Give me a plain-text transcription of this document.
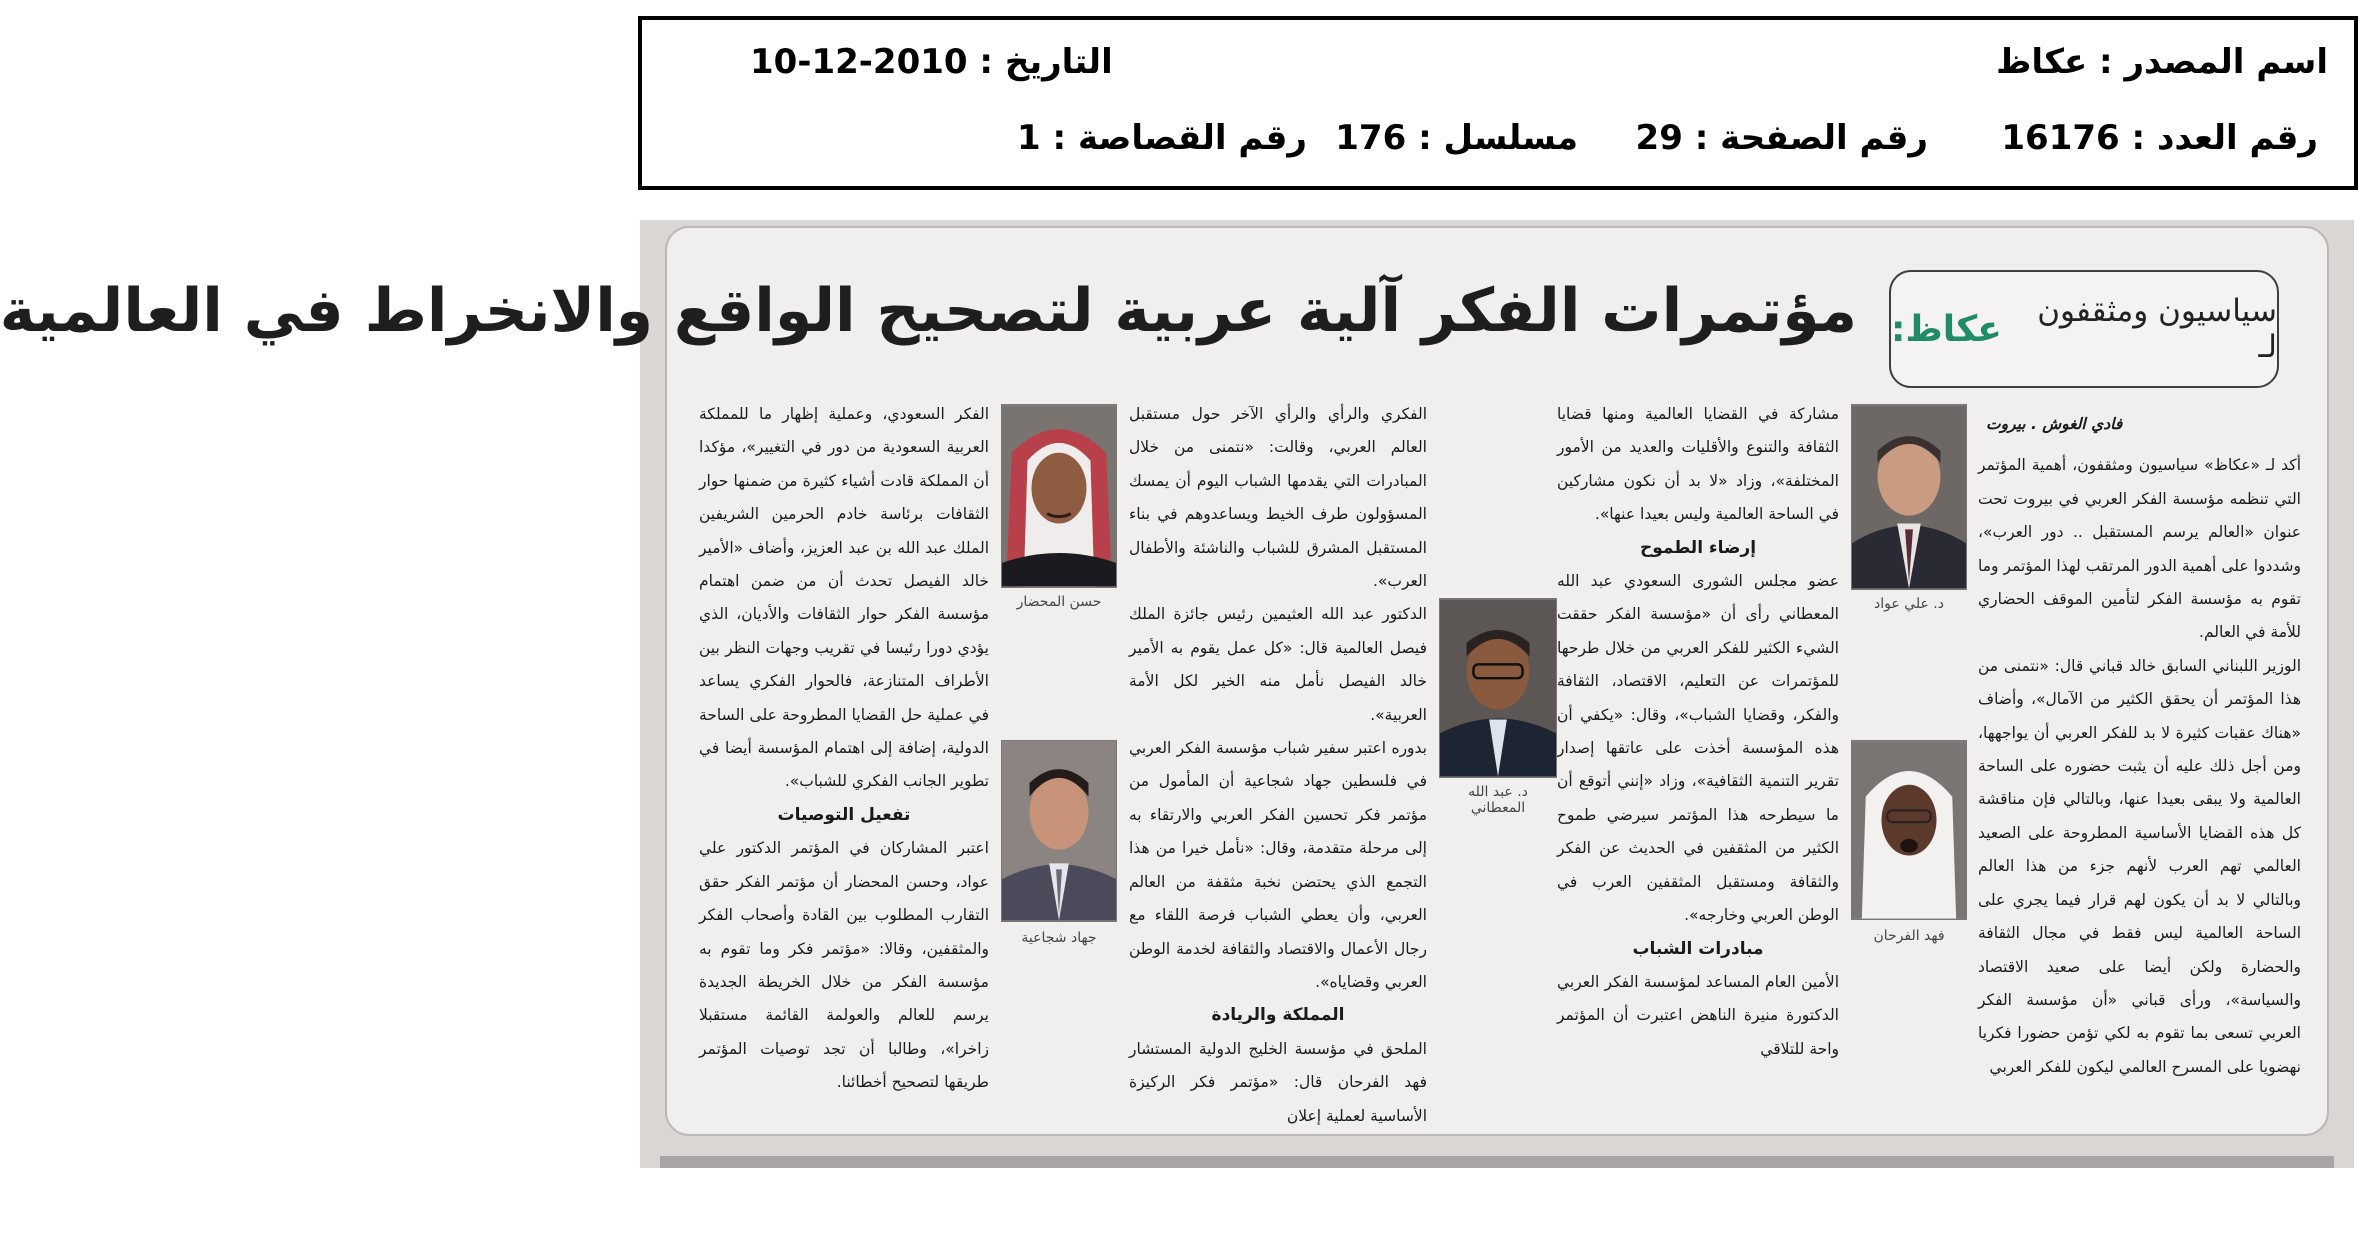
اسم المصدر : عكاظ
التاريخ : 2010-12-10
رقم العدد : 16176
رقم الصفحة : 29
مسلسل : 176
رقم القصاصة : 1
سياسيون ومثقفون لـ
عكاظ:
مؤتمرات الفكر آلية عربية لتصحيح الواقع والانخراط في العالمية

فادي الغوش . بيروت

أكد لـ «عكاظ» سياسيون ومثقفون، أهمية المؤتمر التي تنظمه مؤسسة الفكر العربي في بيروت تحت عنوان «العالم يرسم المستقبل .. دور العرب»، وشددوا على أهمية الدور المرتقب لهذا المؤتمر وما تقوم به مؤسسة الفكر لتأمين الموقف الحضاري للأمة في العالم.

الوزير اللبناني السابق خالد قباني قال: «نتمنى من هذا المؤتمر أن يحقق الكثير من الآمال»، وأضاف «هناك عقبات كثيرة لا بد للفكر العربي أن يواجهها، ومن أجل ذلك عليه أن يثبت حضوره على الساحة العالمية ولا يبقى بعيدا عنها، وبالتالي فإن مناقشة كل هذه القضايا الأساسية المطروحة على الصعيد العالمي تهم العرب لأنهم جزء من هذا العالم وبالتالي لا بد أن يكون لهم قرار فيما يجري على الساحة العالمية ليس فقط في مجال الثقافة والحضارة ولكن أيضا على صعيد الاقتصاد والسياسة»، ورأى قباني «أن مؤسسة الفكر العربي تسعى بما تقوم به لكي تؤمن حضورا فكريا نهضويا على المسرح العالمي ليكون للفكر العربي

د. علي عواد
فهد الفرحان

مشاركة في القضايا العالمية ومنها قضايا الثقافة والتنوع والأقليات والعديد من الأمور المختلفة»، وزاد «لا بد أن نكون مشاركين في الساحة العالمية وليس بعيدا عنها».

إرضاء الطموح

عضو مجلس الشورى السعودي عبد الله المعطاني رأى أن «مؤسسة الفكر حققت الشيء الكثير للفكر العربي من خلال طرحها للمؤتمرات عن التعليم، الاقتصاد، الثقافة والفكر، وقضايا الشباب»، وقال: «يكفي أن هذه المؤسسة أخذت على عاتقها إصدار تقرير التنمية الثقافية»، وزاد «إنني أتوقع أن ما سيطرحه هذا المؤتمر سيرضي طموح الكثير من المثقفين في الحديث عن الفكر والثقافة ومستقبل المثقفين العرب في الوطن العربي وخارجه».

مبادرات الشباب

الأمين العام المساعد لمؤسسة الفكر العربي الدكتورة منيرة الناهض اعتبرت أن المؤتمر واحة للتلاقي

د. عبد الله المعطاني

الفكري والرأي والرأي الآخر حول مستقبل العالم العربي، وقالت: «نتمنى من خلال المبادرات التي يقدمها الشباب اليوم أن يمسك المسؤولون طرف الخيط ويساعدوهم في بناء المستقبل المشرق للشباب والناشئة والأطفال العرب».

الدكتور عبد الله العثيمين رئيس جائزة الملك فيصل العالمية قال: «كل عمل يقوم به الأمير خالد الفيصل نأمل منه الخير لكل الأمة العربية».

بدوره اعتبر سفير شباب مؤسسة الفكر العربي في فلسطين جهاد شجاعية أن المأمول من مؤتمر فكر تحسين الفكر العربي والارتقاء به إلى مرحلة متقدمة، وقال: «نأمل خيرا من هذا التجمع الذي يحتضن نخبة مثقفة من العالم العربي، وأن يعطي الشباب فرصة اللقاء مع رجال الأعمال والاقتصاد والثقافة لخدمة الوطن العربي وقضاياه».

المملكة والريادة

الملحق في مؤسسة الخليج الدولية المستشار فهد الفرحان قال: «مؤتمر فكر الركيزة الأساسية لعملية إعلان

حسن المحضار
جهاد شجاعية

الفكر السعودي، وعملية إظهار ما للمملكة العربية السعودية من دور في التغيير»، مؤكدا أن المملكة قادت أشياء كثيرة من ضمنها حوار الثقافات برئاسة خادم الحرمين الشريفين الملك عبد الله بن عبد العزيز، وأضاف «الأمير خالد الفيصل تحدث أن من ضمن اهتمام مؤسسة الفكر حوار الثقافات والأديان، الذي يؤدي دورا رئيسا في تقريب وجهات النظر بين الأطراف المتنازعة، فالحوار الفكري يساعد في عملية حل القضايا المطروحة على الساحة الدولية، إضافة إلى اهتمام المؤسسة أيضا في تطوير الجانب الفكري للشباب».

تفعيل التوصيات

اعتبر المشاركان في المؤتمر الدكتور علي عواد، وحسن المحضار أن مؤتمر الفكر حقق التقارب المطلوب بين القادة وأصحاب الفكر والمثقفين، وقالا: «مؤتمر فكر وما تقوم به مؤسسة الفكر من خلال الخريطة الجديدة يرسم للعالم والعولمة القائمة مستقبلا زاخرا»، وطالبا أن تجد توصيات المؤتمر طريقها لتصحيح أخطائنا.
